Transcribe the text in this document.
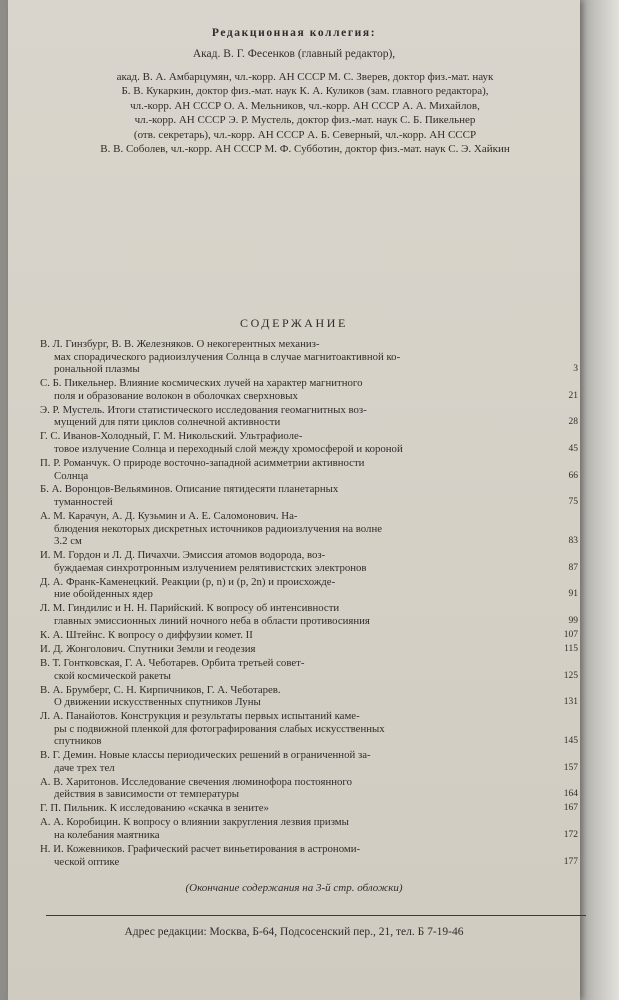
Редакционная коллегия:
Акад. В. Г. Фесенков (главный редактор),
акад. В. А. Амбарцумян, чл.-корр. АН СССР М. С. Зверев, доктор физ.-мат. наук
Б. В. Кукаркин, доктор физ.-мат. наук К. А. Куликов (зам. главного редактора),
чл.-корр. АН СССР О. А. Мельников, чл.-корр. АН СССР А. А. Михайлов,
чл.-корр. АН СССР Э. Р. Мустель, доктор физ.-мат. наук С. Б. Пикельнер
(отв. секретарь), чл.-корр. АН СССР А. Б. Северный, чл.-корр. АН СССР
В. В. Соболев, чл.-корр. АН СССР М. Ф. Субботин, доктор физ.-мат. наук С. Э. Хайкин
СОДЕРЖАНИЕ
В. Л. Гинзбург, В. В. Железняков. О некогерентных механиз-
мах спорадического радиоизлучения Солнца в случае магнитоактивной ко-
рональной плазмы	3
С. Б. Пикельнер. Влияние космических лучей на характер магнитного
поля и образование волокон в оболочках сверхновых	21
Э. Р. Мустель. Итоги статистического исследования геомагнитных воз-
мущений для пяти циклов солнечной активности	28
Г. С. Иванов-Холодный, Г. М. Никольский. Ультрафиоле-
товое излучение Солнца и переходный слой между хромосферой и короной	45
П. Р. Романчук. О природе восточно-западной асимметрии активности
Солнца	66
Б. А. Воронцов-Вельяминов. Описание пятидесяти планетарных
туманностей	75
А. М. Карачун, А. Д. Кузьмин и А. Е. Саломонович. На-
блюдения некоторых дискретных источников радиоизлучения на волне
3.2 см	83
И. М. Гордон и Л. Д. Пичахчи. Эмиссия атомов водорода, воз-
буждаемая синхротронным излучением релятивистских электронов	87
Д. А. Франк-Каменецкий. Реакции (p, n) и (p, 2n) и происхожде-
ние обойденных ядер	91
Л. М. Гиндилис и Н. Н. Парийский. К вопросу об интенсивности
главных эмиссионных линий ночного неба в области противосияния	99
К. А. Штейнс. К вопросу о диффузии комет. II	107
И. Д. Жонголович. Спутники Земли и геодезия	115
В. Т. Гонтковская, Г. А. Чеботарев. Орбита третьей совет-
ской космической ракеты	125
В. А. Брумберг, С. Н. Кирпичников, Г. А. Чеботарев.
О движении искусственных спутников Луны	131
Л. А. Панайотов. Конструкция и результаты первых испытаний каме-
ры с подвижной пленкой для фотографирования слабых искусственных
спутников	145
В. Г. Демин. Новые классы периодических решений в ограниченной за-
даче трех тел	157
А. В. Харитонов. Исследование свечения люминофора постоянного
действия в зависимости от температуры	164
Г. П. Пильник. К исследованию «скачка в зените»	167
А. А. Коробицин. К вопросу о влиянии закругления лезвия призмы
на колебания маятника	172
Н. И. Кожевников. Графический расчет виньетирования в астрономи-
ческой оптике	177
(Окончание содержания на 3-й стр. обложки)
Адрес редакции: Москва, Б-64, Подсосенский пер., 21, тел. Б 7-19-46
